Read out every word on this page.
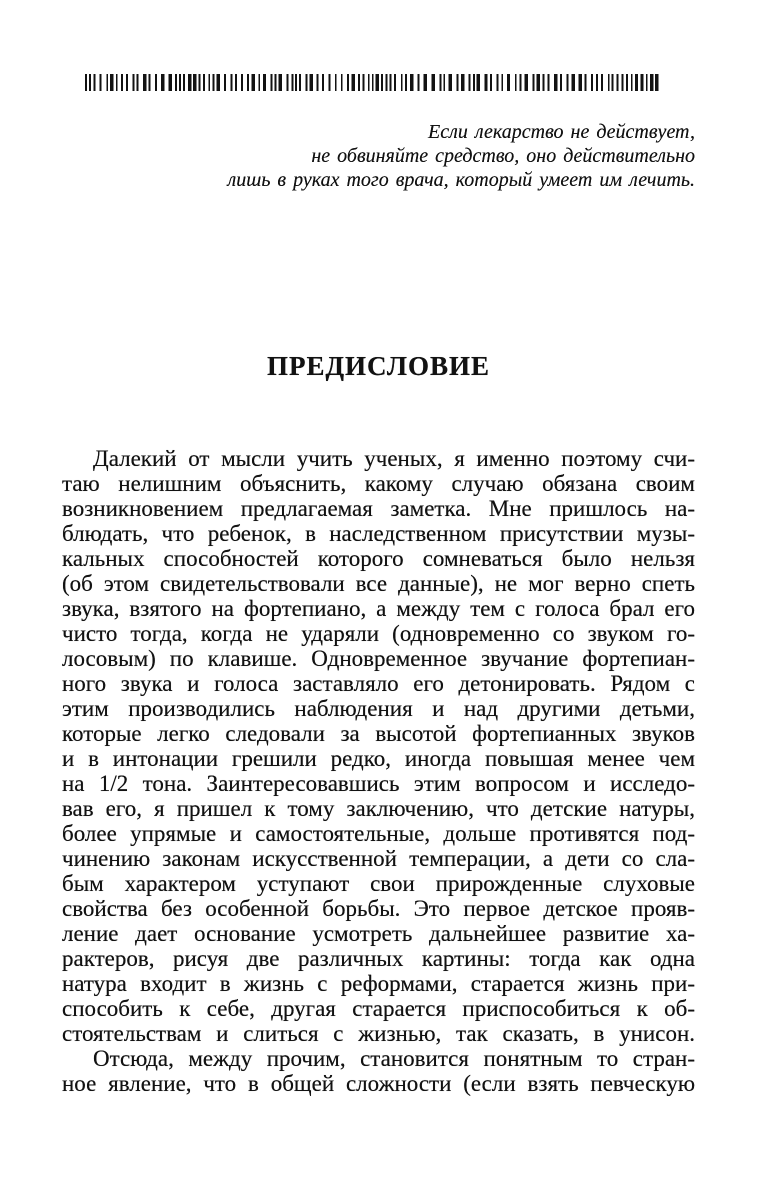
Если лекарство не действует,
не обвиняйте средство, оно действительно
лишь в руках того врача, который умеет им лечить.
ПРЕДИСЛОВИЕ
Далекий от мысли учить ученых, я именно поэтому счи-
таю нелишним объяснить, какому случаю обязана своим
возникновением предлагаемая заметка. Мне пришлось на-
блюдать, что ребенок, в наследственном присутствии музы-
кальных способностей которого сомневаться было нельзя
(об этом свидетельствовали все данные), не мог верно спеть
звука, взятого на фортепиано, а между тем с голоса брал его
чисто тогда, когда не ударяли (одновременно со звуком го-
лосовым) по клавише. Одновременное звучание фортепиан-
ного звука и голоса заставляло его детонировать. Рядом с
этим производились наблюдения и над другими детьми,
которые легко следовали за высотой фортепианных звуков
и в интонации грешили редко, иногда повышая менее чем
на 1/2 тона. Заинтересовавшись этим вопросом и исследо-
вав его, я пришел к тому заключению, что детские натуры,
более упрямые и самостоятельные, дольше противятся под-
чинению законам искусственной темперации, а дети со сла-
бым характером уступают свои прирожденные слуховые
свойства без особенной борьбы. Это первое детское прояв-
ление дает основание усмотреть дальнейшее развитие ха-
рактеров, рисуя две различных картины: тогда как одна
натура входит в жизнь с реформами, старается жизнь при-
способить к себе, другая старается приспособиться к об-
стоятельствам и слиться с жизнью, так сказать, в унисон.
Отсюда, между прочим, становится понятным то стран-
ное явление, что в общей сложности (если взять певческую
